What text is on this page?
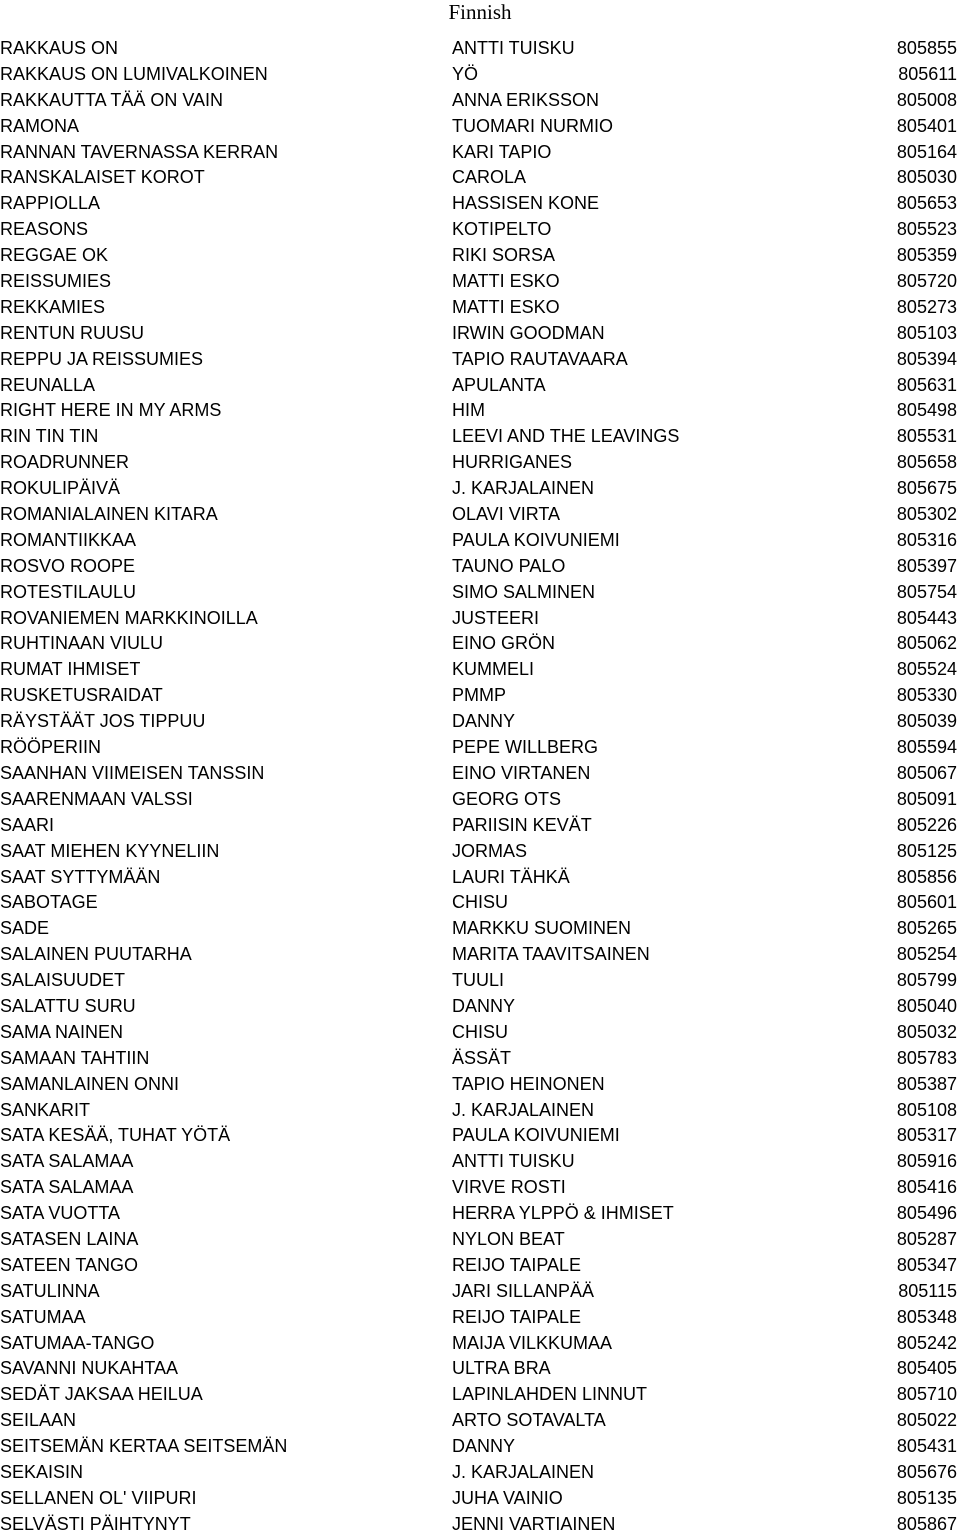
Finnish
RAKKAUS ON	ANTTI TUISKU	805855
RAKKAUS ON LUMIVALKOINEN	YÖ	805611
RAKKAUTTA TÄÄ ON VAIN	ANNA ERIKSSON	805008
RAMONA	TUOMARI NURMIO	805401
RANNAN TAVERNASSA KERRAN	KARI TAPIO	805164
RANSKALAISET KOROT	CAROLA	805030
RAPPIOLLA	HASSISEN KONE	805653
REASONS	KOTIPELTO	805523
REGGAE OK	RIKI SORSA	805359
REISSUMIES	MATTI ESKO	805720
REKKAMIES	MATTI ESKO	805273
RENTUN RUUSU	IRWIN GOODMAN	805103
REPPU JA REISSUMIES	TAPIO RAUTAVAARA	805394
REUNALLA	APULANTA	805631
RIGHT HERE IN MY ARMS	HIM	805498
RIN TIN TIN	LEEVI AND THE LEAVINGS	805531
ROADRUNNER	HURRIGANES	805658
ROKULIPÄIVÄ	J. KARJALAINEN	805675
ROMANIALAINEN KITARA	OLAVI VIRTA	805302
ROMANTIIKKAA	PAULA KOIVUNIEMI	805316
ROSVO ROOPE	TAUNO PALO	805397
ROTESTILAULU	SIMO SALMINEN	805754
ROVANIEMEN MARKKINOILLA	JUSTEERI	805443
RUHTINAAN VIULU	EINO GRÖN	805062
RUMAT IHMISET	KUMMELI	805524
RUSKETUSRAIDAT	PMMP	805330
RÄYSTÄÄT JOS TIPPUU	DANNY	805039
RÖÖPERIIN	PEPE WILLBERG	805594
SAANHAN VIIMEISEN TANSSIN	EINO VIRTANEN	805067
SAARENMAAN VALSSI	GEORG OTS	805091
SAARI	PARIISIN KEVÄT	805226
SAAT MIEHEN KYYNELIIN	JORMAS	805125
SAAT SYTTYMÄÄN	LAURI TÄHKÄ	805856
SABOTAGE	CHISU	805601
SADE	MARKKU SUOMINEN	805265
SALAINEN PUUTARHA	MARITA TAAVITSAINEN	805254
SALAISUUDET	TUULI	805799
SALATTU SURU	DANNY	805040
SAMA NAINEN	CHISU	805032
SAMAAN TAHTIIN	ÄSSÄT	805783
SAMANLAINEN ONNI	TAPIO HEINONEN	805387
SANKARIT	J. KARJALAINEN	805108
SATA KESÄÄ, TUHAT YÖTÄ	PAULA KOIVUNIEMI	805317
SATA SALAMAA	ANTTI TUISKU	805916
SATA SALAMAA	VIRVE ROSTI	805416
SATA VUOTTA	HERRA YLPPÖ & IHMISET	805496
SATASEN LAINA	NYLON BEAT	805287
SATEEN TANGO	REIJO TAIPALE	805347
SATULINNA	JARI SILLANPÄÄ	805115
SATUMAA	REIJO TAIPALE	805348
SATUMAA-TANGO	MAIJA VILKKUMAA	805242
SAVANNI NUKAHTAA	ULTRA BRA	805405
SEDÄT JAKSAA HEILUA	LAPINLAHDEN LINNUT	805710
SEILAAN	ARTO SOTAVALTA	805022
SEITSEMÄN KERTAA SEITSEMÄN	DANNY	805431
SEKAISIN	J. KARJALAINEN	805676
SELLANEN OL' VIIPURI	JUHA VAINIO	805135
SELVÄSTI PÄIHTYNYT	JENNI VARTIAINEN	805867
